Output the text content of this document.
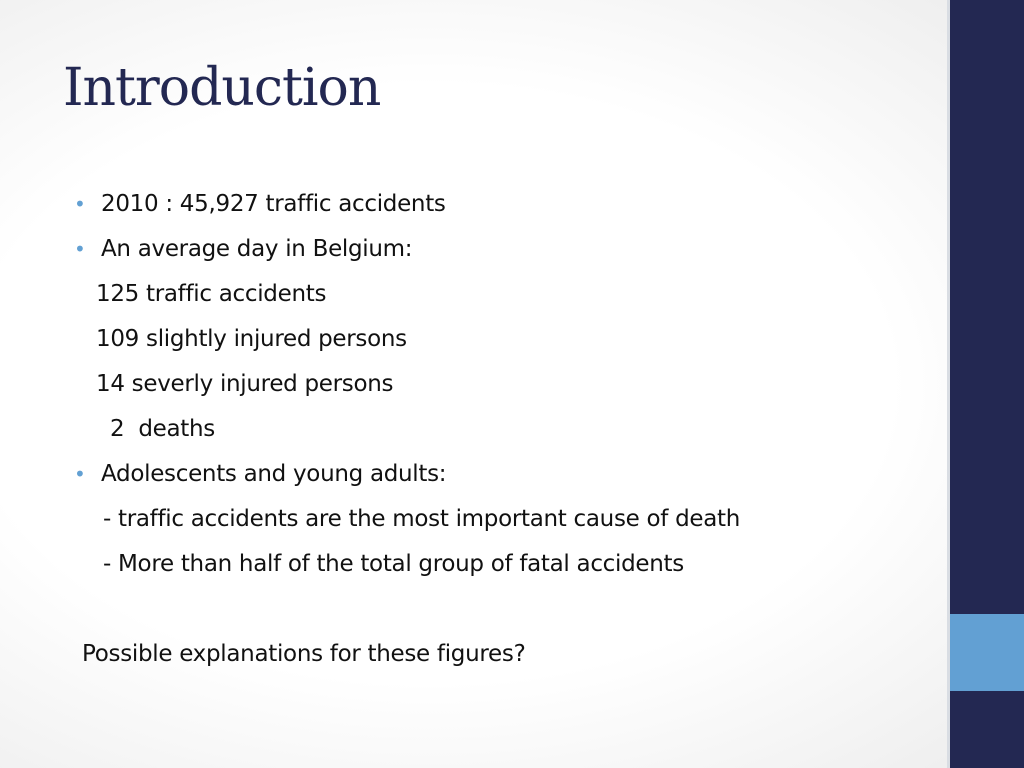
Introduction
• 2010 : 45,927 traffic accidents
• An average day in Belgium:
125 traffic accidents
109 slightly injured persons
14 severly injured persons
2  deaths
• Adolescents and young adults:
- traffic accidents are the most important cause of death
- More than half of the total group of fatal accidents
Possible explanations for these figures?
